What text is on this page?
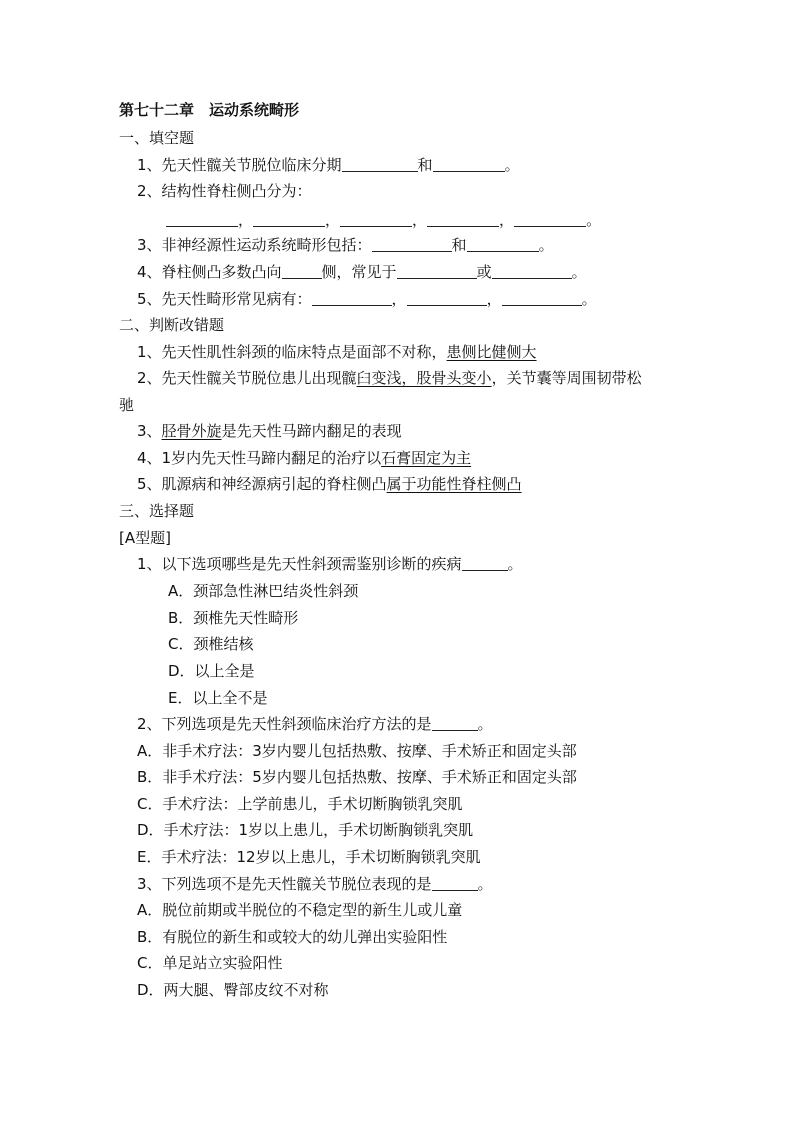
第七十二章　运动系统畸形
一、填空题
1、先天性髋关节脱位临床分期	和	。
2、结构性脊柱侧凸分为：
，	，	，	，	。
3、非神经源性运动系统畸形包括：	和	。
4、脊柱侧凸多数凸向	侧，常见于	或	。
5、先天性畸形常见病有：	，	，	。
二、判断改错题
1、先天性肌性斜颈的临床特点是面部不对称，患侧比健侧大
2、先天性髋关节脱位患儿出现髋臼变浅，股骨头变小，关节囊等周围韧带松
驰
3、胫骨外旋是先天性马蹄内翻足的表现
4、1岁内先天性马蹄内翻足的治疗以石膏固定为主
5、肌源病和神经源病引起的脊柱侧凸属于功能性脊柱侧凸
三、选择题
[A型题]
1、以下选项哪些是先天性斜颈需鉴别诊断的疾病	。
A．颈部急性淋巴结炎性斜颈
B．颈椎先天性畸形
C．颈椎结核
D．以上全是
E．以上全不是
2、下列选项是先天性斜颈临床治疗方法的是	。
A．非手术疗法：3岁内婴儿包括热敷、按摩、手术矫正和固定头部
B．非手术疗法：5岁内婴儿包括热敷、按摩、手术矫正和固定头部
C．手术疗法：上学前患儿，手术切断胸锁乳突肌
D．手术疗法：1岁以上患儿，手术切断胸锁乳突肌
E．手术疗法：12岁以上患儿，手术切断胸锁乳突肌
3、下列选项不是先天性髋关节脱位表现的是	。
A．脱位前期或半脱位的不稳定型的新生儿或儿童
B．有脱位的新生和或较大的幼儿弹出实验阳性
C．单足站立实验阳性
D．两大腿、臀部皮纹不对称
